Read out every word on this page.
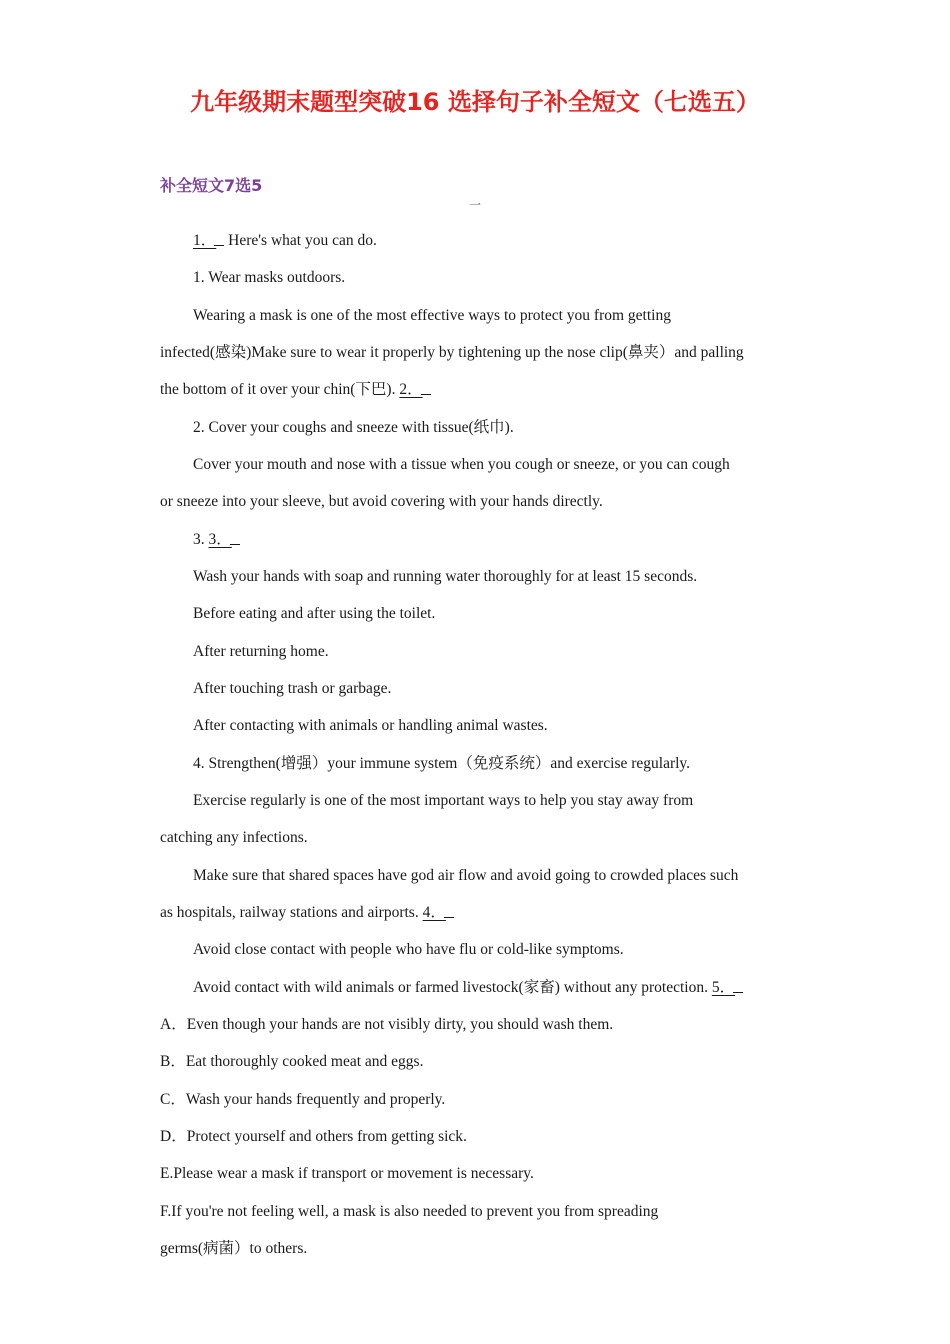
九年级期末题型突破16 选择句子补全短文（七选五）
补全短文7选5
一
1． Here's what you can do.
1. Wear masks outdoors.
Wearing a mask is one of the most effective ways to protect you from getting
infected(感染)Make sure to wear it properly by tightening up the nose clip(鼻夹）and palling
the bottom of it over your chin(下巴). 2．
2. Cover your coughs and sneeze with tissue(纸巾).
Cover your mouth and nose with a tissue when you cough or sneeze, or you can cough
or sneeze into your sleeve, but avoid covering with your hands directly.
3. 3．
Wash your hands with soap and running water thoroughly for at least 15 seconds.
Before eating and after using the toilet.
After returning home.
After touching trash or garbage.
After contacting with animals or handling animal wastes.
4. Strengthen(增强）your immune system（免疫系统）and exercise regularly.
Exercise regularly is one of the most important ways to help you stay away from
catching any infections.
Make sure that shared spaces have god air flow and avoid going to crowded places such
as hospitals, railway stations and airports. 4．
Avoid close contact with people who have flu or cold-like symptoms.
Avoid contact with wild animals or farmed livestock(家畜) without any protection. 5．
A．Even though your hands are not visibly dirty, you should wash them.
B．Eat thoroughly cooked meat and eggs.
C．Wash your hands frequently and properly.
D．Protect yourself and others from getting sick.
E.Please wear a mask if transport or movement is necessary.
F.If you're not feeling well, a mask is also needed to prevent you from spreading
germs(病菌）to others.
